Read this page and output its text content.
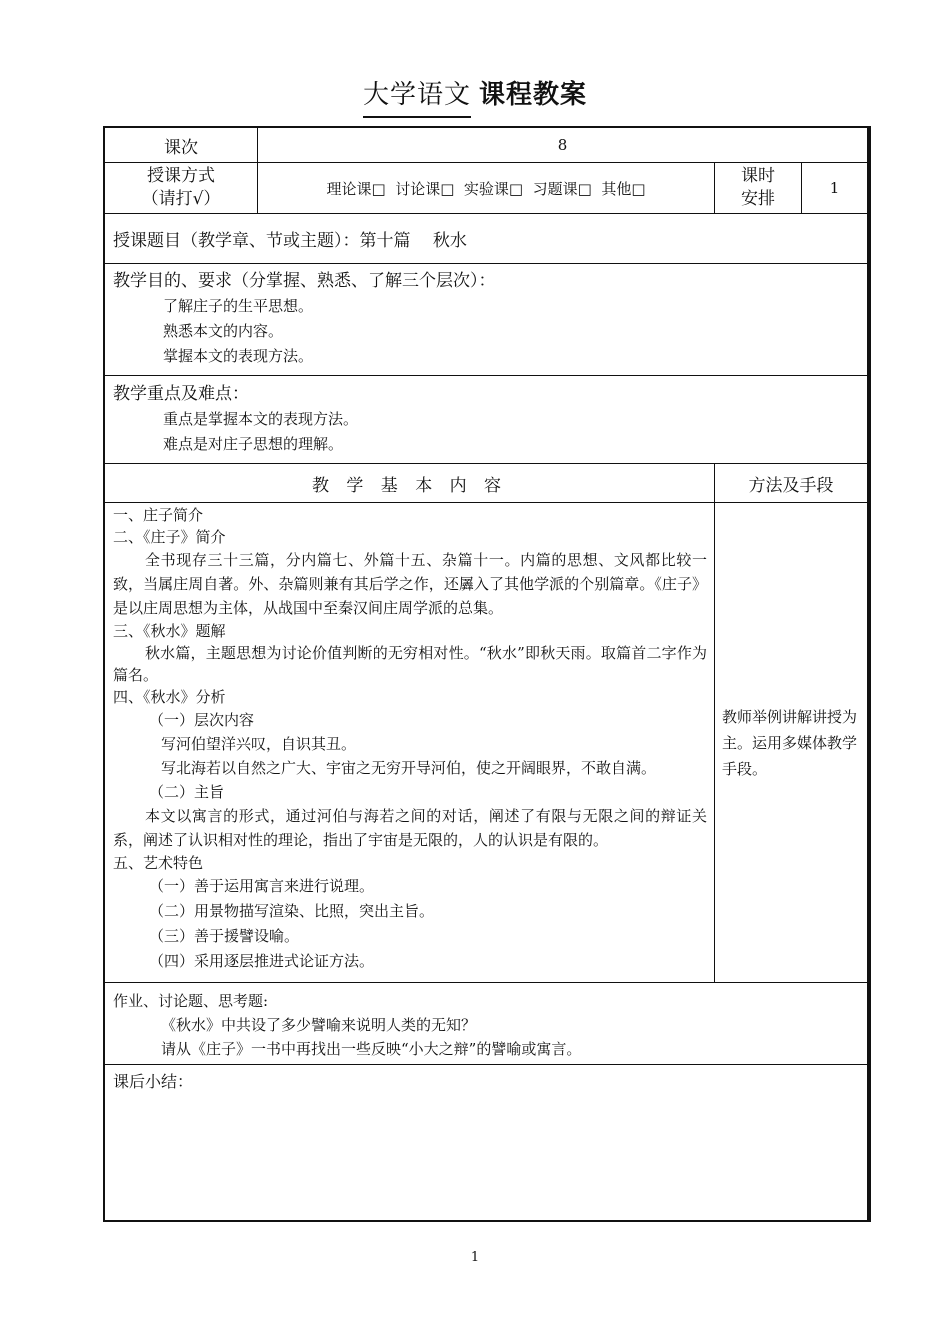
大学语文 课程教案
课次	8
授课方式
（请打√）
理论课□  讨论课□  实验课□  习题课□  其他□
课时
安排
1
授课题目（教学章、节或主题）：第十篇　 秋水

教学目的、要求（分掌握、熟悉、了解三个层次）：

了解庄子的生平思想。

熟悉本文的内容。

掌握本文的表现方法。

教学重点及难点：

重点是掌握本文的表现方法。

难点是对庄子思想的理解。

教 学 基 本 内 容	方法及手段

一、庄子简介

二、《庄子》简介

全书现存三十三篇，分内篇七、外篇十五、杂篇十一。内篇的思想、文风都比较一致，当属庄周自著。外、杂篇则兼有其后学之作，还羼入了其他学派的个别篇章。《庄子》是以庄周思想为主体，从战国中至秦汉间庄周学派的总集。

三、《秋水》题解

秋水篇，主题思想为讨论价值判断的无穷相对性。“秋水”即秋天雨。取篇首二字作为篇名。

四、《秋水》分析

（一）层次内容

写河伯望洋兴叹，自识其丑。

写北海若以自然之广大、宇宙之无穷开导河伯，使之开阔眼界，不敢自满。

（二）主旨

本文以寓言的形式，通过河伯与海若之间的对话，阐述了有限与无限之间的辩证关系，阐述了认识相对性的理论，指出了宇宙是无限的，人的认识是有限的。

五、艺术特色

（一）善于运用寓言来进行说理。

（二）用景物描写渲染、比照，突出主旨。

（三）善于援譬设喻。

（四）采用逐层推进式论证方法。

教师举例讲解讲授为主。运用多媒体教学手段。

作业、讨论题、思考题:

《秋水》中共设了多少譬喻来说明人类的无知？

请从《庄子》一书中再找出一些反映“小大之辩”的譬喻或寓言。

课后小结：

1
